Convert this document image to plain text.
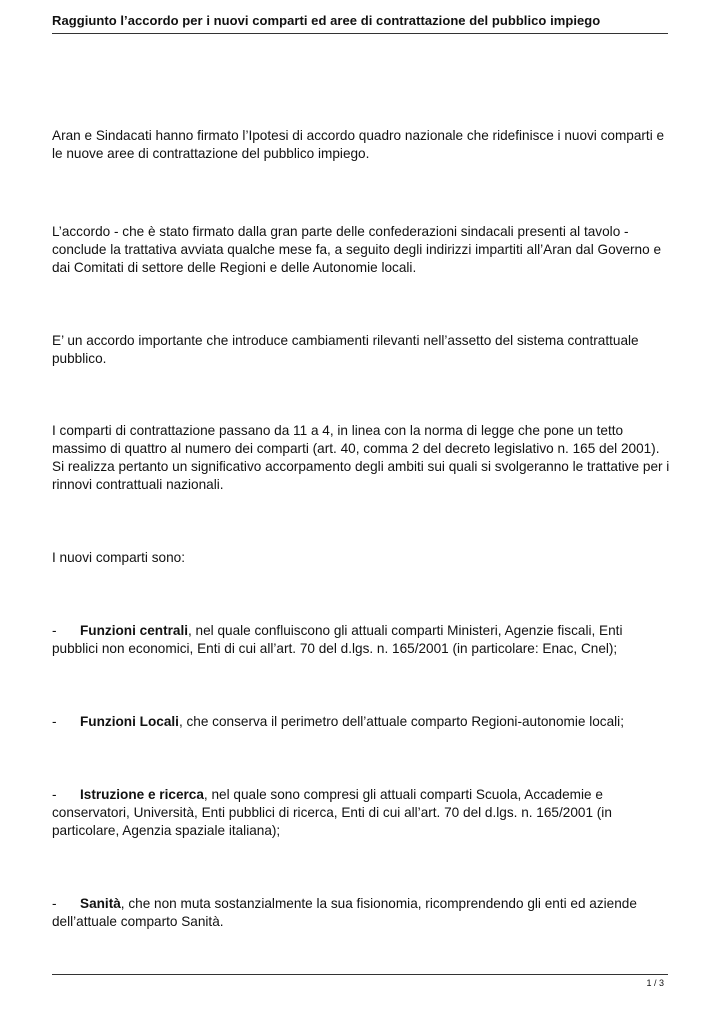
Raggiunto l’accordo per i nuovi comparti ed aree di contrattazione del pubblico impiego
Aran e Sindacati hanno firmato l’Ipotesi di accordo quadro nazionale che ridefinisce i nuovi comparti e le nuove aree di contrattazione del pubblico impiego.
L’accordo - che è stato firmato dalla gran parte delle confederazioni sindacali presenti al tavolo - conclude la trattativa avviata qualche mese fa, a seguito degli indirizzi impartiti all’Aran dal Governo e dai Comitati di settore delle Regioni e delle Autonomie locali.
E’ un accordo importante che introduce cambiamenti rilevanti nell’assetto del sistema contrattuale pubblico.
I comparti di contrattazione passano da 11 a 4, in linea con la norma di legge che pone un tetto massimo di quattro al numero dei comparti (art. 40, comma 2 del decreto legislativo n. 165 del 2001). Si realizza pertanto un significativo accorpamento degli ambiti sui quali si svolgeranno le trattative per i rinnovi contrattuali nazionali.
I nuovi comparti sono:
- Funzioni centrali, nel quale confluiscono gli attuali comparti Ministeri, Agenzie fiscali, Enti pubblici non economici, Enti di cui all’art. 70 del d.lgs. n. 165/2001 (in particolare: Enac, Cnel);
- Funzioni Locali, che conserva il perimetro dell’attuale comparto Regioni-autonomie locali;
- Istruzione e ricerca, nel quale sono compresi gli attuali comparti Scuola, Accademie e conservatori, Università, Enti pubblici di ricerca, Enti di cui all’art. 70 del d.lgs. n. 165/2001 (in particolare, Agenzia spaziale italiana);
- Sanità, che non muta sostanzialmente la sua fisionomia, ricomprendendo gli enti ed aziende dell’attuale comparto Sanità.
1 / 3
